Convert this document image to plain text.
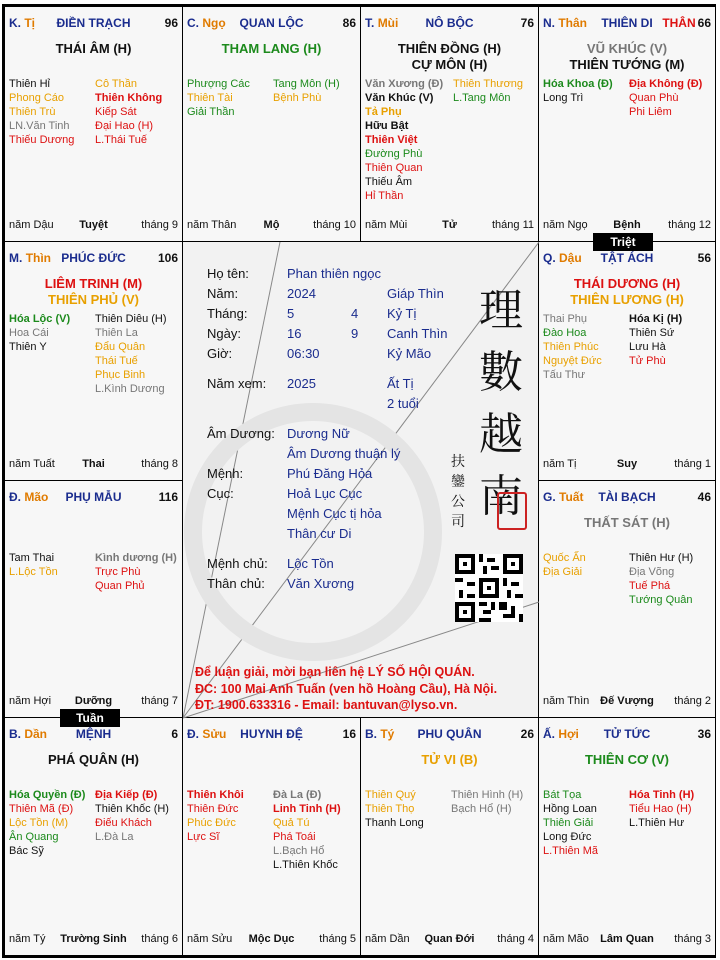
K. Tị	ĐIỀN TRẠCH	96
THÁI ÂM (H)
Thiên Hỉ
Phong Cáo
Thiên Trù
LN.Văn Tinh
Thiếu Dương
Cô Thần
Thiên Không
Kiếp Sát
Đại Hao (H)
L.Thái Tuế
năm Dậu	Tuyệt	tháng 9
C. Ngọ	QUAN LỘC	86
THAM LANG (H)
Phượng Các
Thiên Tài
Giải Thần
Tang Môn (H)
Bệnh Phù
năm Thân	Mộ	tháng 10
T. Mùi	NÔ BỘC	76
THIÊN ĐỒNG (H)
CỰ MÔN (H)
Văn Xương (Đ)
Văn Khúc (V)
Tả Phụ
Hữu Bật
Thiên Việt
Đường Phù
Thiên Quan
Thiếu Âm
Hỉ Thần
Thiên Thương
L.Tang Môn
năm Mùi	Tử	tháng 11
N. Thân	THIÊN DI THÂN 66
VŨ KHÚC (V)
THIÊN TƯỚNG (M)
Hóa Khoa (Đ)
Long Trì
Địa Không (Đ)
Quan Phù
Phi Liêm
năm Ngọ	Bệnh	tháng 12
M. Thìn PHÚC ĐỨC	106
LIÊM TRINH (M)
THIÊN PHỦ (V)
Hóa Lộc (V)
Hoa Cái
Thiên Y
Thiên Diêu (H)
Thiên La
Đẩu Quân
Thái Tuế
Phục Binh
L.Kình Dương
năm Tuất	Thai	tháng 8
Q. Dậu	TẬT ÁCH	56
THÁI DƯƠNG (H)
THIÊN LƯƠNG (H)
Thai Phụ
Đào Hoa
Thiên Phúc
Nguyệt Đức
Tấu Thư
Hóa Kị (H)
Thiên Sứ
Lưu Hà
Tử Phù
năm Tị	Suy	tháng 1
Đ. Mão	PHỤ MẪU	116
Tam Thai
L.Lộc Tồn
Kình dương (H)
Trực Phù
Quan Phủ
năm Hợi	Dưỡng	tháng 7
G. Tuất	TÀI BẠCH	46
THẤT SÁT (H)
Quốc Ấn
Địa Giải
Thiên Hư (H)
Địa Võng
Tuế Phá
Tướng Quân
năm Thìn Đế Vượng	tháng 2
B. Dần	MỆNH	6
PHÁ QUÂN (H)
Hóa Quyền (Đ)
Thiên Mã (Đ)
Lộc Tồn (M)
Ân Quang
Bác Sỹ
Địa Kiếp (Đ)
Thiên Khốc (H)
Điếu Khách
L.Đà La
năm Tý	Trường Sinh	tháng 6
Đ. Sửu	HUYNH ĐỆ	16
Thiên Khôi
Thiên Đức
Phúc Đức
Lực Sĩ
Đà La (Đ)
Linh Tinh (H)
Quả Tú
Phá Toái
L.Bạch Hổ
L.Thiên Khốc
năm Sửu	Mộc Dục	tháng 5
B. Tý	PHU QUÂN	26
TỬ VI (B)
Thiên Quý
Thiên Thọ
Thanh Long
Thiên Hình (H)
Bạch Hổ (H)
năm Dần	Quan Đới	tháng 4
Ấ. Hợi	TỬ TỨC	36
THIÊN CƠ (V)
Bát Tọa
Hồng Loan
Thiên Giải
Long Đức
L.Thiên Mã
Hóa Tinh (H)
Tiểu Hao (H)
L.Thiên Hư
năm Mão	Lâm Quan	tháng 3
Họ tên:	Phan thiên ngọc
Năm:	2024	Giáp Thìn
Tháng:	5	4 Kỷ Tị
Ngày:	16	9 Canh Thìn
Giờ:	06:30	Kỷ Mão
Năm xem: 2025	Ất Tị
2 tuổi
Âm Dương: Dương Nữ
Âm Dương thuận lý
Mệnh:	Phú Đăng Hỏa
Cục:	Hoả Lục Cục
Mệnh Cục tị hỏa
Thân cư Di
Mệnh chủ: Lộc Tồn
Thân chủ: Văn Xương
理
數
越
南
扶
鑾
公
司
Để luận giải, mời bạn liên hệ LÝ SỐ HỘI QUÁN.
ĐC: 100 Mai Anh Tuấn (ven hồ Hoàng Cầu), Hà Nội.
ĐT: 1900.633316 - Email: bantuvan@lyso.vn.
Triệt
Tuần
